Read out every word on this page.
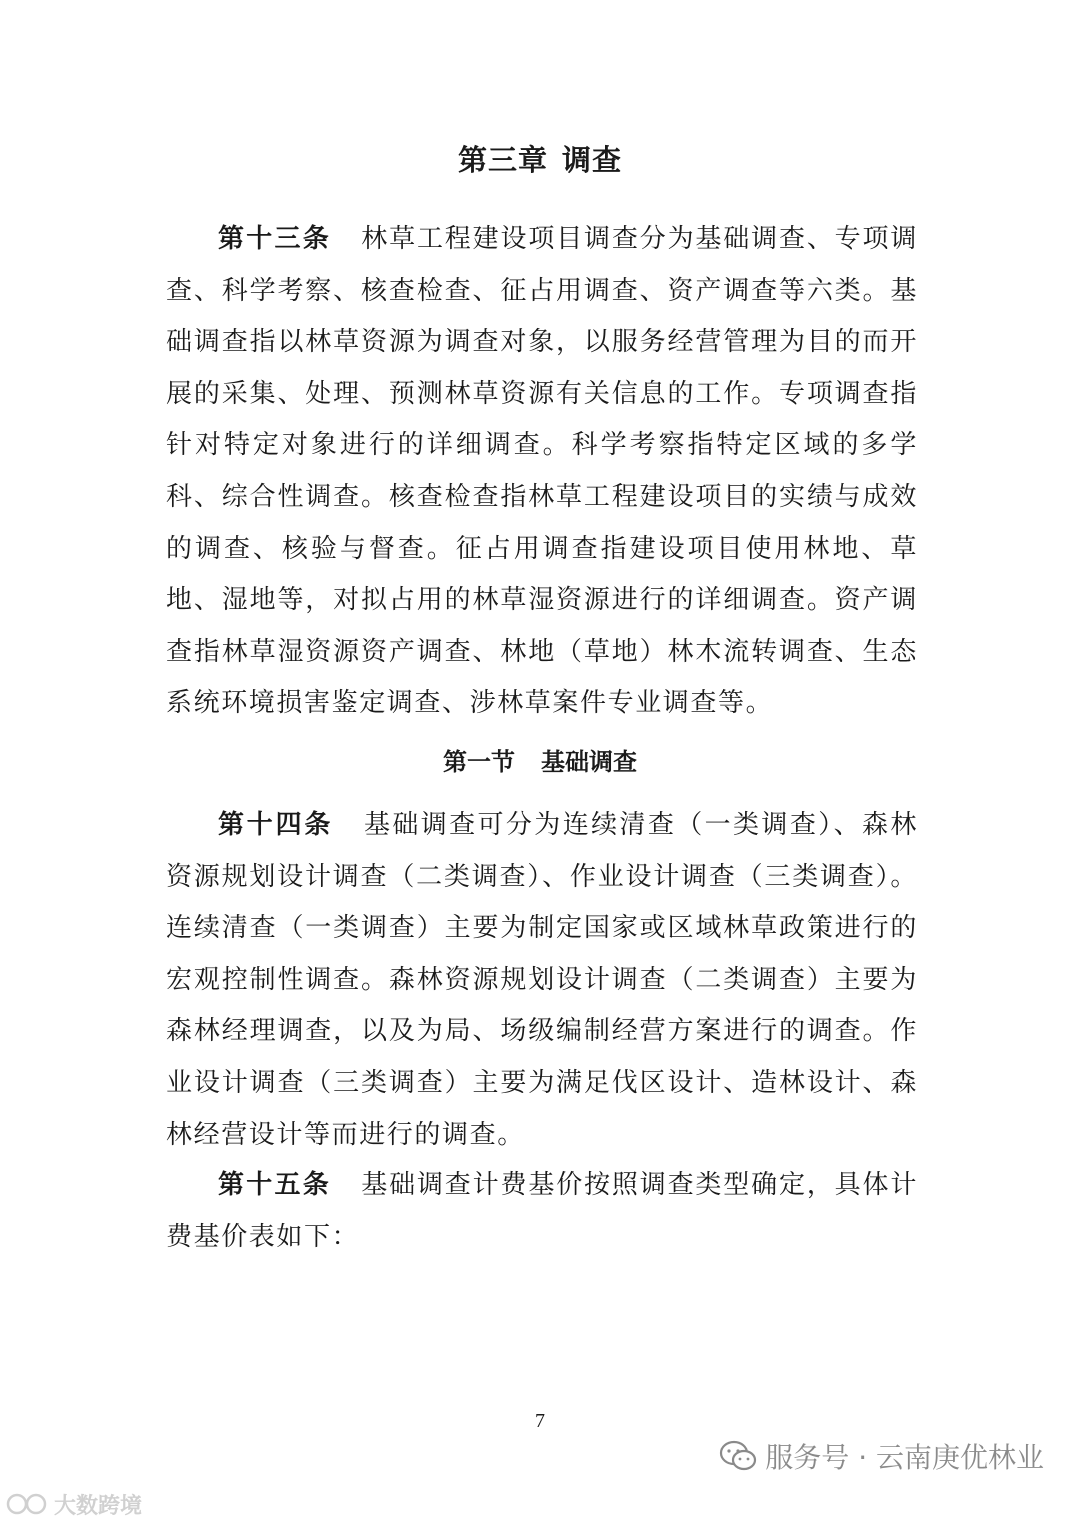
第三章 调查

第十三条 林草工程建设项目调查分为基础调查、专项调查、科学考察、核查检查、征占用调查、资产调查等六类。基础调查指以林草资源为调查对象，以服务经营管理为目的而开展的采集、处理、预测林草资源有关信息的工作。专项调查指针对特定对象进行的详细调查。科学考察指特定区域的多学科、综合性调查。核查检查指林草工程建设项目的实绩与成效的调查、核验与督查。征占用调查指建设项目使用林地、草地、湿地等，对拟占用的林草湿资源进行的详细调查。资产调查指林草湿资源资产调查、林地（草地）林木流转调查、生态系统环境损害鉴定调查、涉林草案件专业调查等。

第一节 基础调查

第十四条 基础调查可分为连续清查（一类调查）、森林资源规划设计调查（二类调查）、作业设计调查（三类调查）。连续清查（一类调查）主要为制定国家或区域林草政策进行的宏观控制性调查。森林资源规划设计调查（二类调查）主要为森林经理调查，以及为局、场级编制经营方案进行的调查。作业设计调查（三类调查）主要为满足伐区设计、造林设计、森林经营设计等而进行的调查。

第十五条 基础调查计费基价按照调查类型确定，具体计费基价表如下：

7
服务号 · 云南庚优林业
大数跨境
